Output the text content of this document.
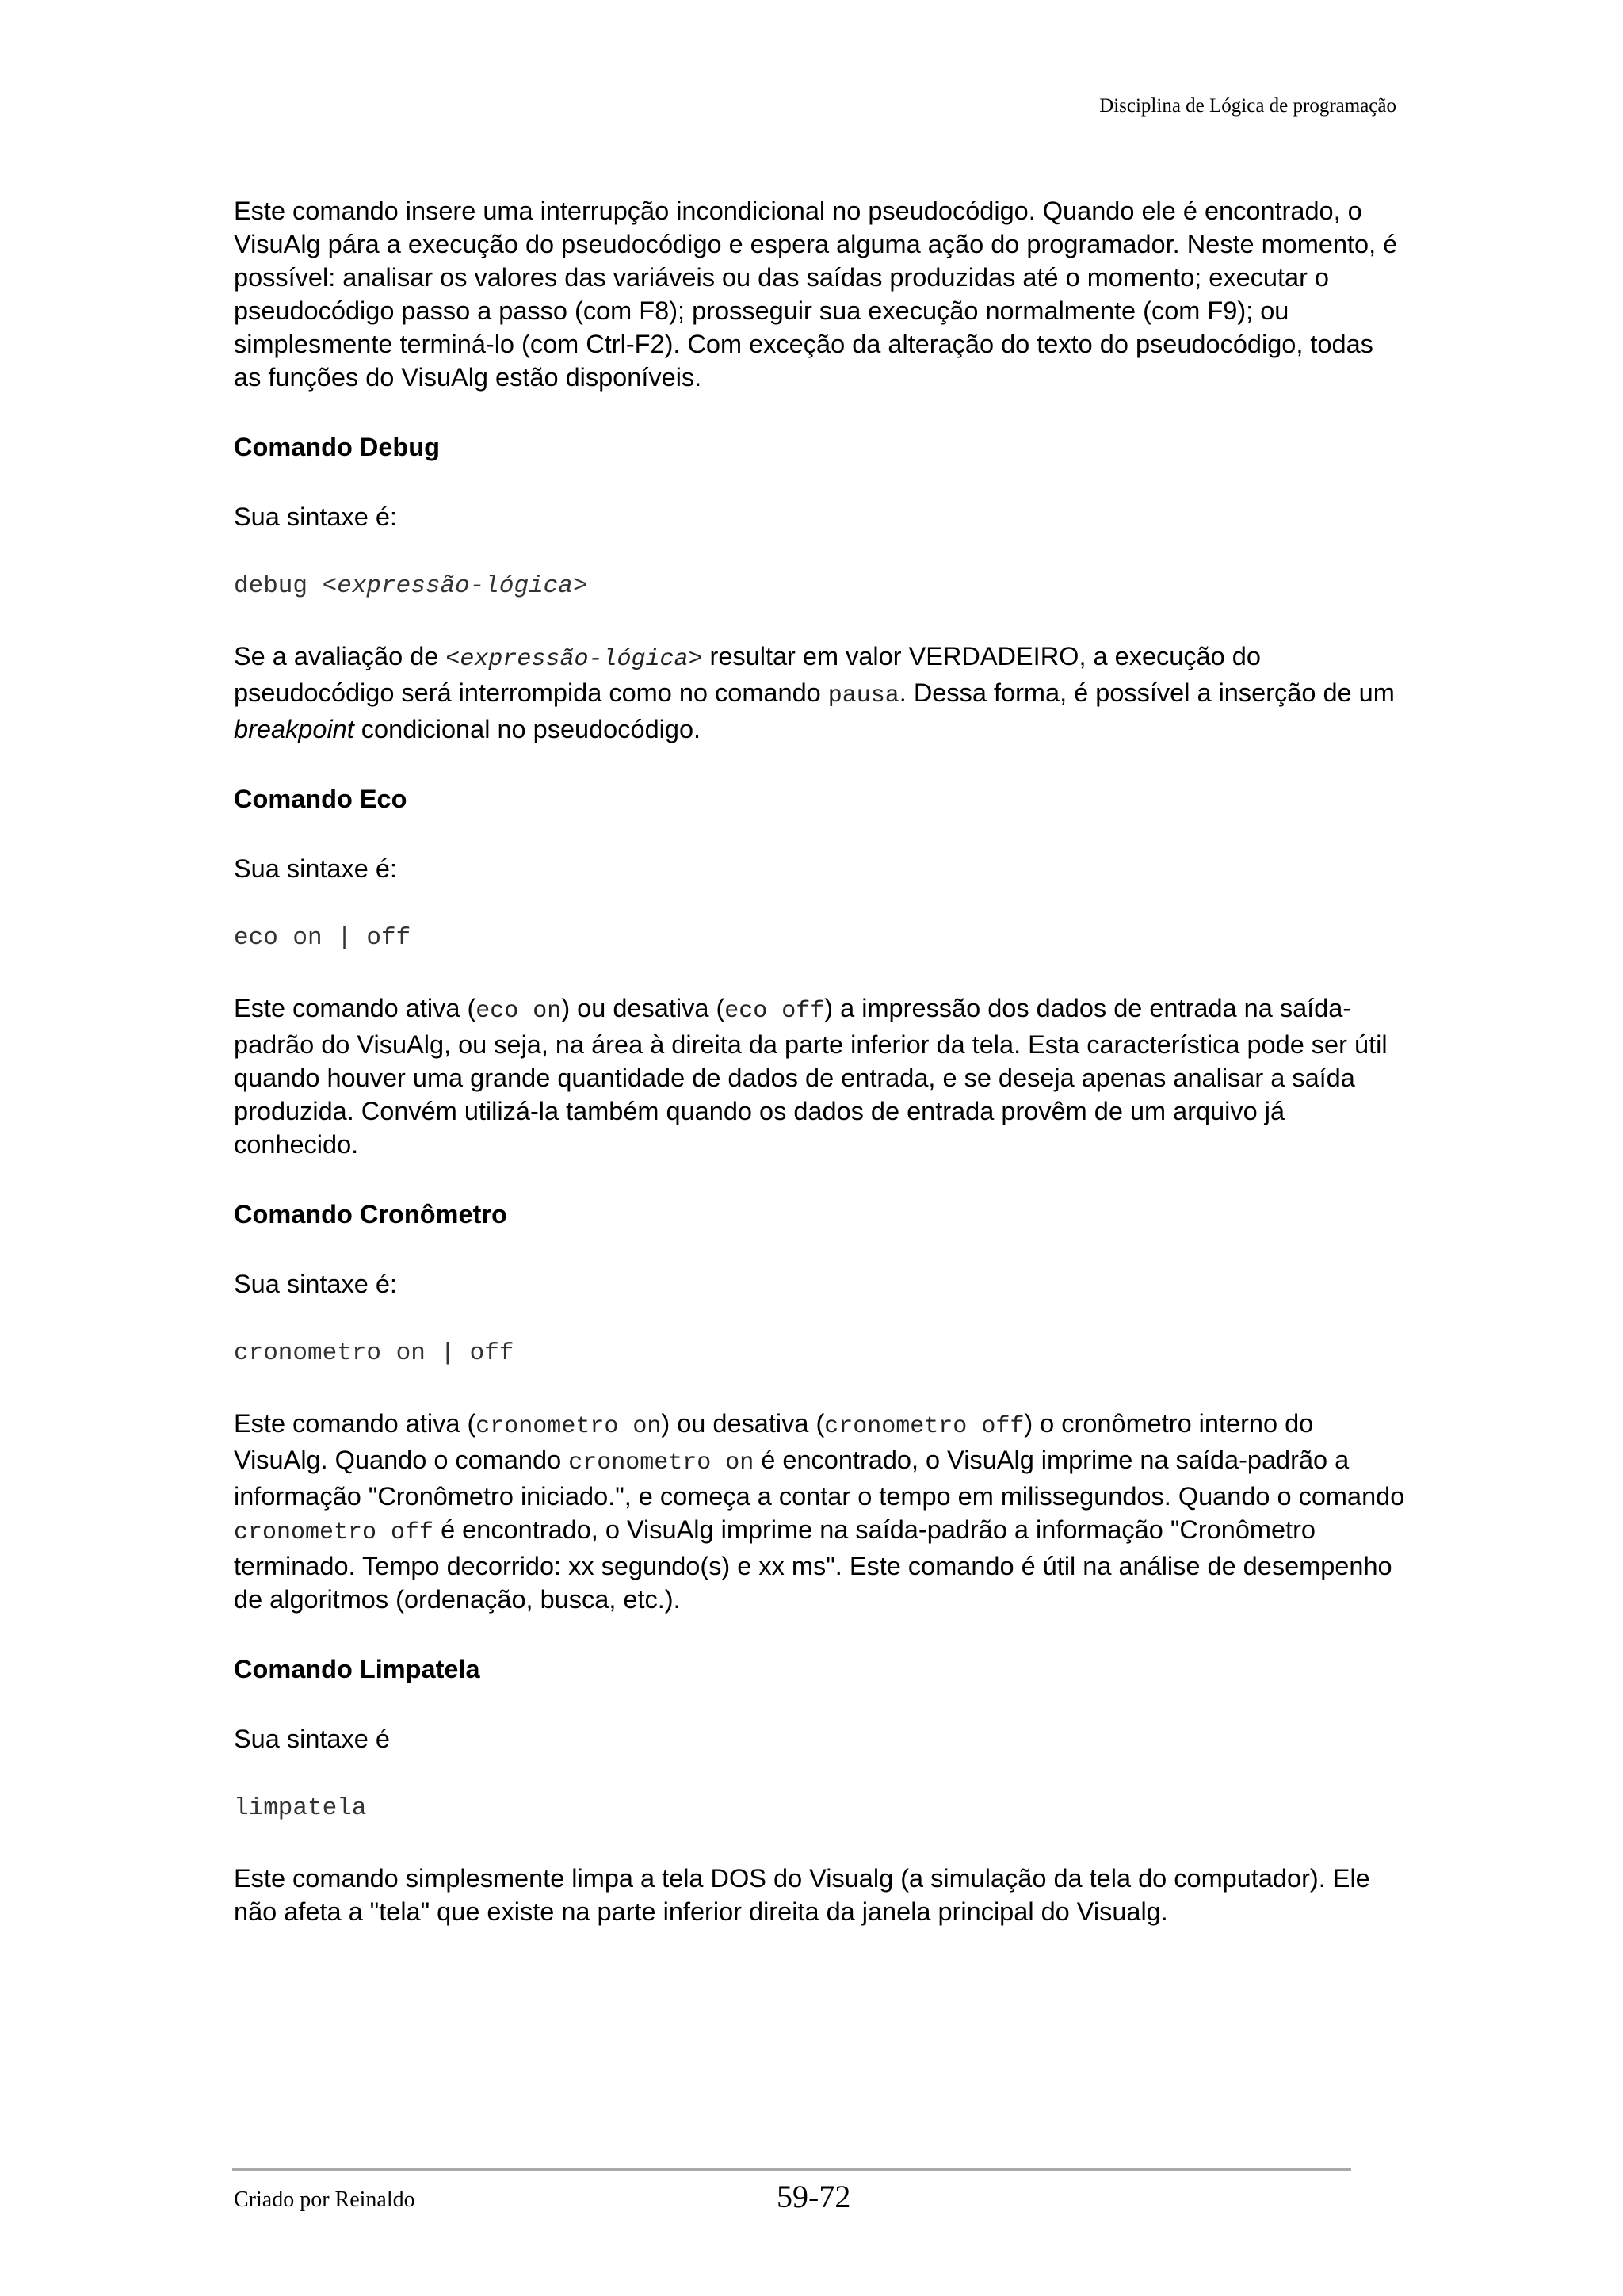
Disciplina de Lógica de programação

Este comando insere uma interrupção incondicional no pseudocódigo. Quando ele é encontrado, o VisuAlg pára a execução do pseudocódigo e espera alguma ação do programador. Neste momento, é possível: analisar os valores das variáveis ou das saídas produzidas até o momento; executar o pseudocódigo passo a passo (com F8); prosseguir sua execução normalmente (com F9); ou simplesmente terminá-lo (com Ctrl-F2). Com exceção da alteração do texto do pseudocódigo, todas as funções do VisuAlg estão disponíveis.

Comando Debug

Sua sintaxe é:

debug <expressão-lógica>

Se a avaliação de <expressão-lógica> resultar em valor VERDADEIRO, a execução do pseudocódigo será interrompida como no comando pausa. Dessa forma, é possível a inserção de um breakpoint condicional no pseudocódigo.

Comando Eco

Sua sintaxe é:

eco on | off

Este comando ativa (eco on) ou desativa (eco off) a impressão dos dados de entrada na saída-padrão do VisuAlg, ou seja, na área à direita da parte inferior da tela. Esta característica pode ser útil quando houver uma grande quantidade de dados de entrada, e se deseja apenas analisar a saída produzida. Convém utilizá-la também quando os dados de entrada provêm de um arquivo já conhecido.

Comando Cronômetro

Sua sintaxe é:

cronometro on | off

Este comando ativa (cronometro on) ou desativa (cronometro off) o cronômetro interno do VisuAlg. Quando o comando cronometro on é encontrado, o VisuAlg imprime na saída-padrão a informação "Cronômetro iniciado.", e começa a contar o tempo em milissegundos. Quando o comando cronometro off é encontrado, o VisuAlg imprime na saída-padrão a informação "Cronômetro terminado. Tempo decorrido: xx segundo(s) e xx ms". Este comando é útil na análise de desempenho de algoritmos (ordenação, busca, etc.).

Comando Limpatela

Sua sintaxe é

limpatela

Este comando simplesmente limpa a tela DOS do Visualg (a simulação da tela do computador). Ele não afeta a "tela" que existe na parte inferior direita da janela principal do Visualg.

Criado por Reinaldo	59-72
